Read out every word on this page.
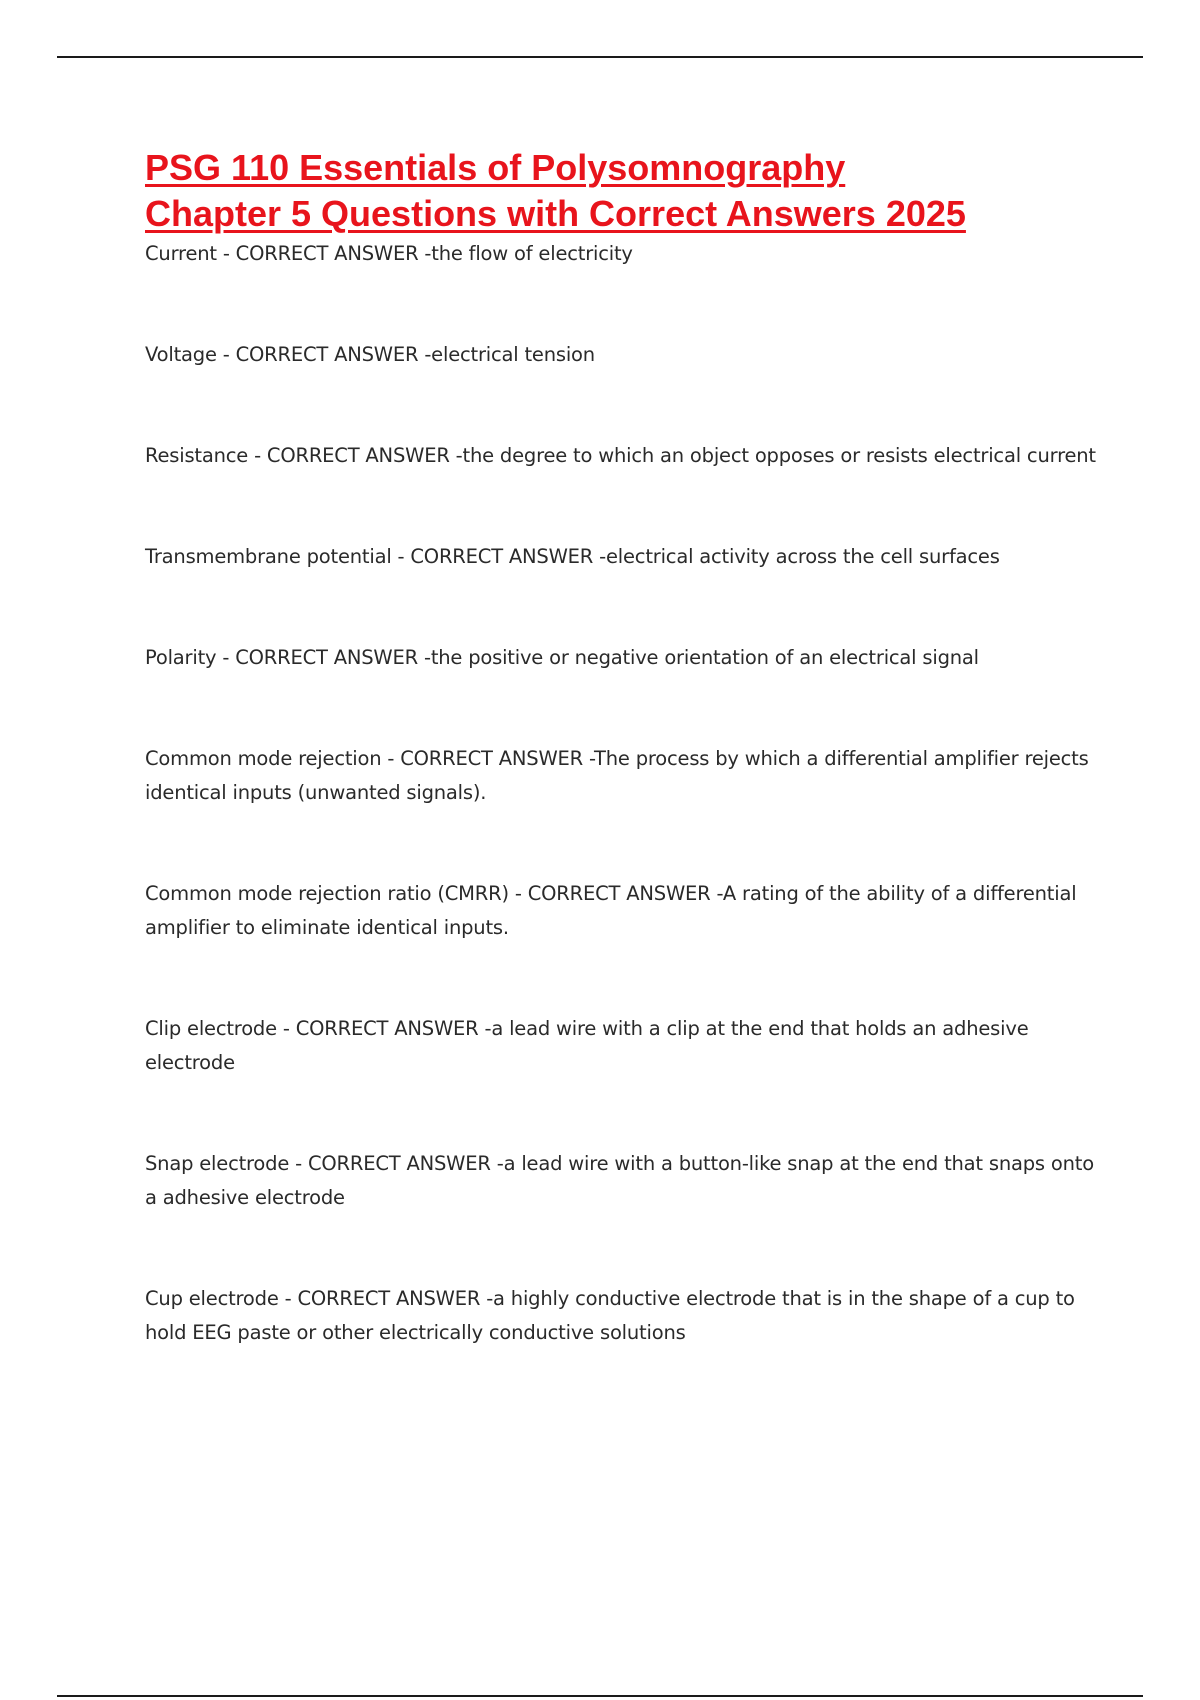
PSG 110 Essentials of Polysomnography
Chapter 5 Questions with Correct Answers 2025
Current - CORRECT ANSWER -the flow of electricity
Voltage - CORRECT ANSWER -electrical tension
Resistance - CORRECT ANSWER -the degree to which an object opposes or resists electrical current
Transmembrane potential - CORRECT ANSWER -electrical activity across the cell surfaces
Polarity - CORRECT ANSWER -the positive or negative orientation of an electrical signal
Common mode rejection - CORRECT ANSWER -The process by which a differential amplifier rejects identical inputs (unwanted signals).
Common mode rejection ratio (CMRR) - CORRECT ANSWER -A rating of the ability of a differential amplifier to eliminate identical inputs.
Clip electrode - CORRECT ANSWER -a lead wire with a clip at the end that holds an adhesive electrode
Snap electrode - CORRECT ANSWER -a lead wire with a button-like snap at the end that snaps onto a adhesive electrode
Cup electrode - CORRECT ANSWER -a highly conductive electrode that is in the shape of a cup to hold EEG paste or other electrically conductive solutions
